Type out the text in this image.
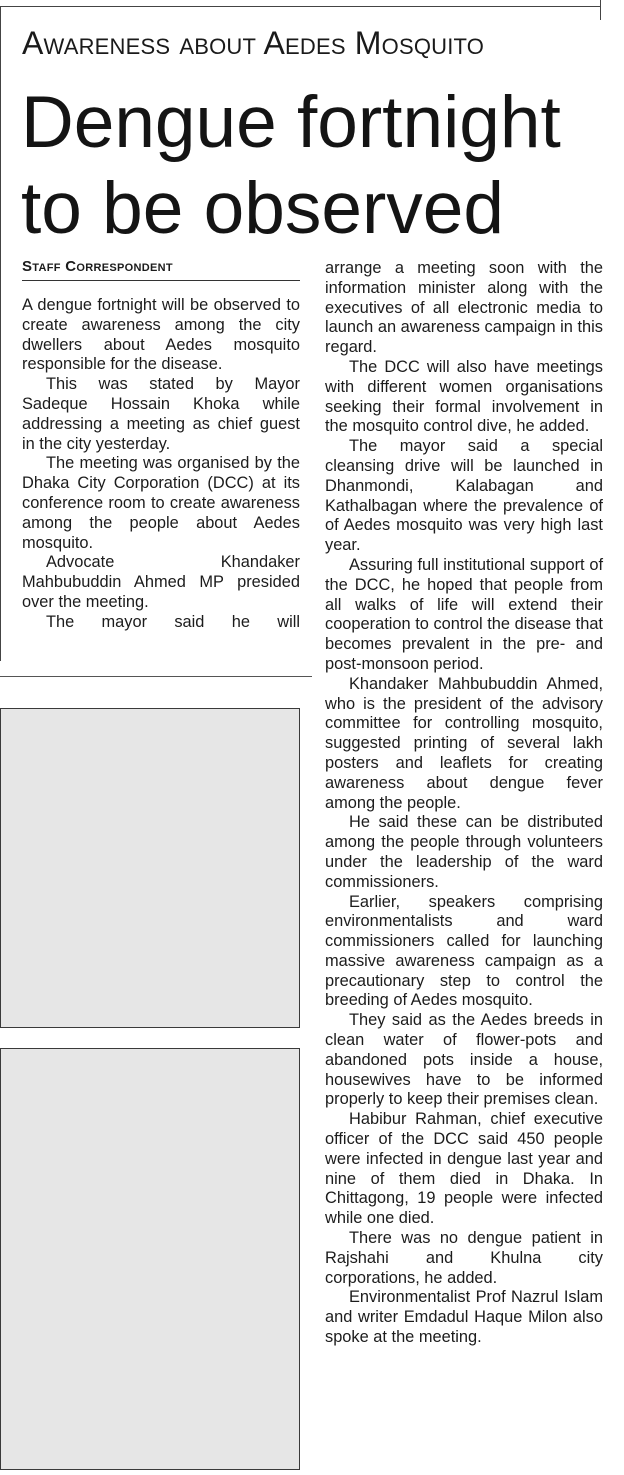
Awareness about Aedes Mosquito
Dengue fortnight to be observed
Staff Correspondent

A dengue fortnight will be observed to create awareness among the city dwellers about Aedes mosquito responsible for the disease.

This was stated by Mayor Sadeque Hossain Khoka while addressing a meeting as chief guest in the city yesterday.

The meeting was organised by the Dhaka City Corporation (DCC) at its conference room to create awareness among the people about Aedes mosquito.

Advocate Khandaker Mahbubuddin Ahmed MP presided over the meeting.

The mayor said he will

arrange a meeting soon with the information minister along with the executives of all electronic media to launch an awareness campaign in this regard.

The DCC will also have meetings with different women organisations seeking their formal involvement in the mosquito control dive, he added.

The mayor said a special cleansing drive will be launched in Dhanmondi, Kalabagan and Kathalbagan where the prevalence of of Aedes mosquito was very high last year.

Assuring full institutional support of the DCC, he hoped that people from all walks of life will extend their cooperation to control the disease that becomes prevalent in the pre- and post-monsoon period.

Khandaker Mahbubuddin Ahmed, who is the president of the advisory committee for controlling mosquito, suggested printing of several lakh posters and leaflets for creating awareness about dengue fever among the people.

He said these can be distributed among the people through volunteers under the leadership of the ward commissioners.

Earlier, speakers comprising environmentalists and ward commissioners called for launching massive awareness campaign as a precautionary step to control the breeding of Aedes mosquito.

They said as the Aedes breeds in clean water of flower-pots and abandoned pots inside a house, housewives have to be informed properly to keep their premises clean.

Habibur Rahman, chief executive officer of the DCC said 450 people were infected in dengue last year and nine of them died in Dhaka. In Chittagong, 19 people were infected while one died.

There was no dengue patient in Rajshahi and Khulna city corporations, he added.

Environmentalist Prof Nazrul Islam and writer Emdadul Haque Milon also spoke at the meeting.
